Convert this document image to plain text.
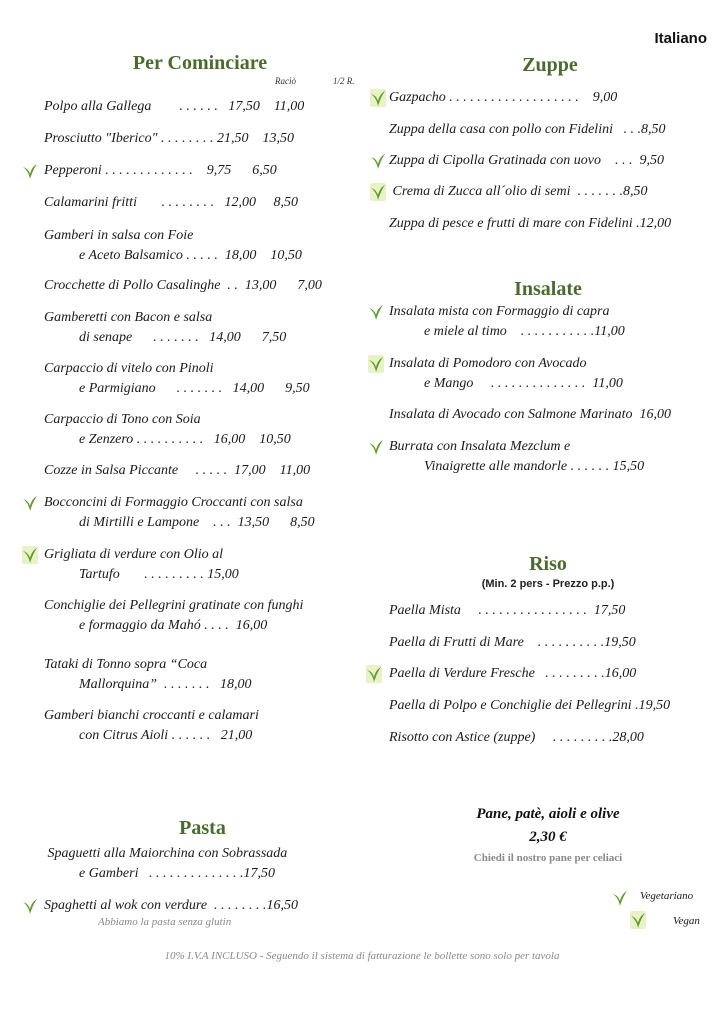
Italiano
Per Cominciare
Raciò	1/2 R.
Zuppe
Insalate
Riso
(Min. 2 pers - Prezzo p.p.)
Pasta
Abbiamo la pasta senza glutin
Pane, patè, aioli e olive
2,30 €
Chiedi il nostro pane per celiaci
Vegetariano
Vegan
10% I.V.A INCLUSO - Seguendo il sistema di fatturazione le bollette sono solo per tavola
Polpo alla Gallega        . . . . . .   17,50    11,00
Prosciutto "Iberico" . . . . . . . . 21,50    13,50
Pepperoni . . . . . . . . . . . . .    9,75      6,50
Calamarini fritti       . . . . . . . .   12,00     8,50
Gamberi in salsa con Foie
e Aceto Balsamico . . . . .  18,00    10,50
Crocchette di Pollo Casalinghe  . .  13,00      7,00
Gamberetti con Bacon e salsa
di senape      . . . . . . .   14,00      7,50
Carpaccio di vitelo con Pinoli
e Parmigiano      . . . . . . .   14,00      9,50
Carpaccio di Tono con Soia
e Zenzero . . . . . . . . . .   16,00    10,50
Cozze in Salsa Piccante     . . . . .  17,00    11,00
Bocconcini di Formaggio Croccanti con salsa
di Mirtilli e Lampone    . . .  13,50      8,50
Grigliata di verdure con Olio al
Tartufo       . . . . . . . . . 15,00
Conchiglie dei Pellegrini gratinate con funghi
e formaggio da Mahó . . . .  16,00
Tataki di Tonno sopra “Coca
Mallorquina”  . . . . . . .   18,00
Gamberi bianchi croccanti e calamari
con Citrus Aioli . . . . . .   21,00
Gazpacho . . . . . . . . . . . . . . . . . . .    9,00
Zuppa della casa con pollo con Fidelini   . . .8,50
Zuppa di Cipolla Gratinada con uovo    . . .  9,50
Crema di Zucca all´olio di semi  . . . . . . .8,50
Zuppa di pesce e frutti di mare con Fidelini .12,00
Insalata mista con Formaggio di capra
e miele al timo    . . . . . . . . . . .11,00
Insalata di Pomodoro con Avocado
e Mango     . . . . . . . . . . . . . .  11,00
Insalata di Avocado con Salmone Marinato  16,00
Burrata con Insalata Mezclum e
Vinaigrette alle mandorle . . . . . . 15,50
Paella Mista     . . . . . . . . . . . . . . . .  17,50
Paella di Frutti di Mare    . . . . . . . . . .19,50
Paella di Verdure Fresche   . . . . . . . . .16,00
Paella di Polpo e Conchiglie dei Pellegrini .19,50
Risotto con Astice (zuppe)     . . . . . . . . .28,00
Spaguetti alla Maiorchina con Sobrassada
e Gamberi   . . . . . . . . . . . . . .17,50
Spaghetti al wok con verdure  . . . . . . . .16,50
